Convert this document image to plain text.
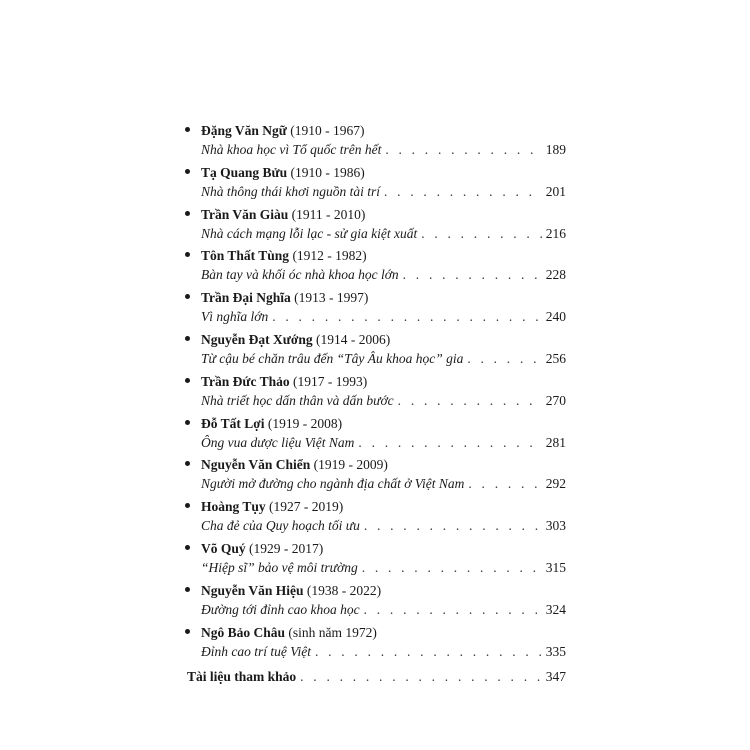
Đặng Văn Ngữ (1910 - 1967)
Nhà khoa học vì Tổ quốc trên hết . . .	189
Tạ Quang Bửu (1910 - 1986)
Nhà thông thái khơi nguồn tài trí . . .	201
Trần Văn Giàu (1911 - 2010)
Nhà cách mạng lỗi lạc - sử gia kiệt xuất . . .	216
Tôn Thất Tùng (1912 - 1982)
Bàn tay và khối óc nhà khoa học lớn . . .	228
Trần Đại Nghĩa (1913 - 1997)
Vì nghĩa lớn . . .	240
Nguyễn Đạt Xướng (1914 - 2006)
Từ cậu bé chăn trâu đến “Tây Âu khoa học” gia . . .	256
Trần Đức Thảo (1917 - 1993)
Nhà triết học dấn thân và dấn bước . . .	270
Đỗ Tất Lợi (1919 - 2008)
Ông vua dược liệu Việt Nam . . .	281
Nguyễn Văn Chiển (1919 - 2009)
Người mở đường cho ngành địa chất ở Việt Nam . . .	292
Hoàng Tụy (1927 - 2019)
Cha đẻ của Quy hoạch tối ưu . . .	303
Võ Quý (1929 - 2017)
“Hiệp sĩ” bảo vệ môi trường . . .	315
Nguyễn Văn Hiệu (1938 - 2022)
Đường tới đỉnh cao khoa học . . .	324
Ngô Bảo Châu (sinh năm 1972)
Đỉnh cao trí tuệ Việt . . .	335
Tài liệu tham khảo . . .	347
